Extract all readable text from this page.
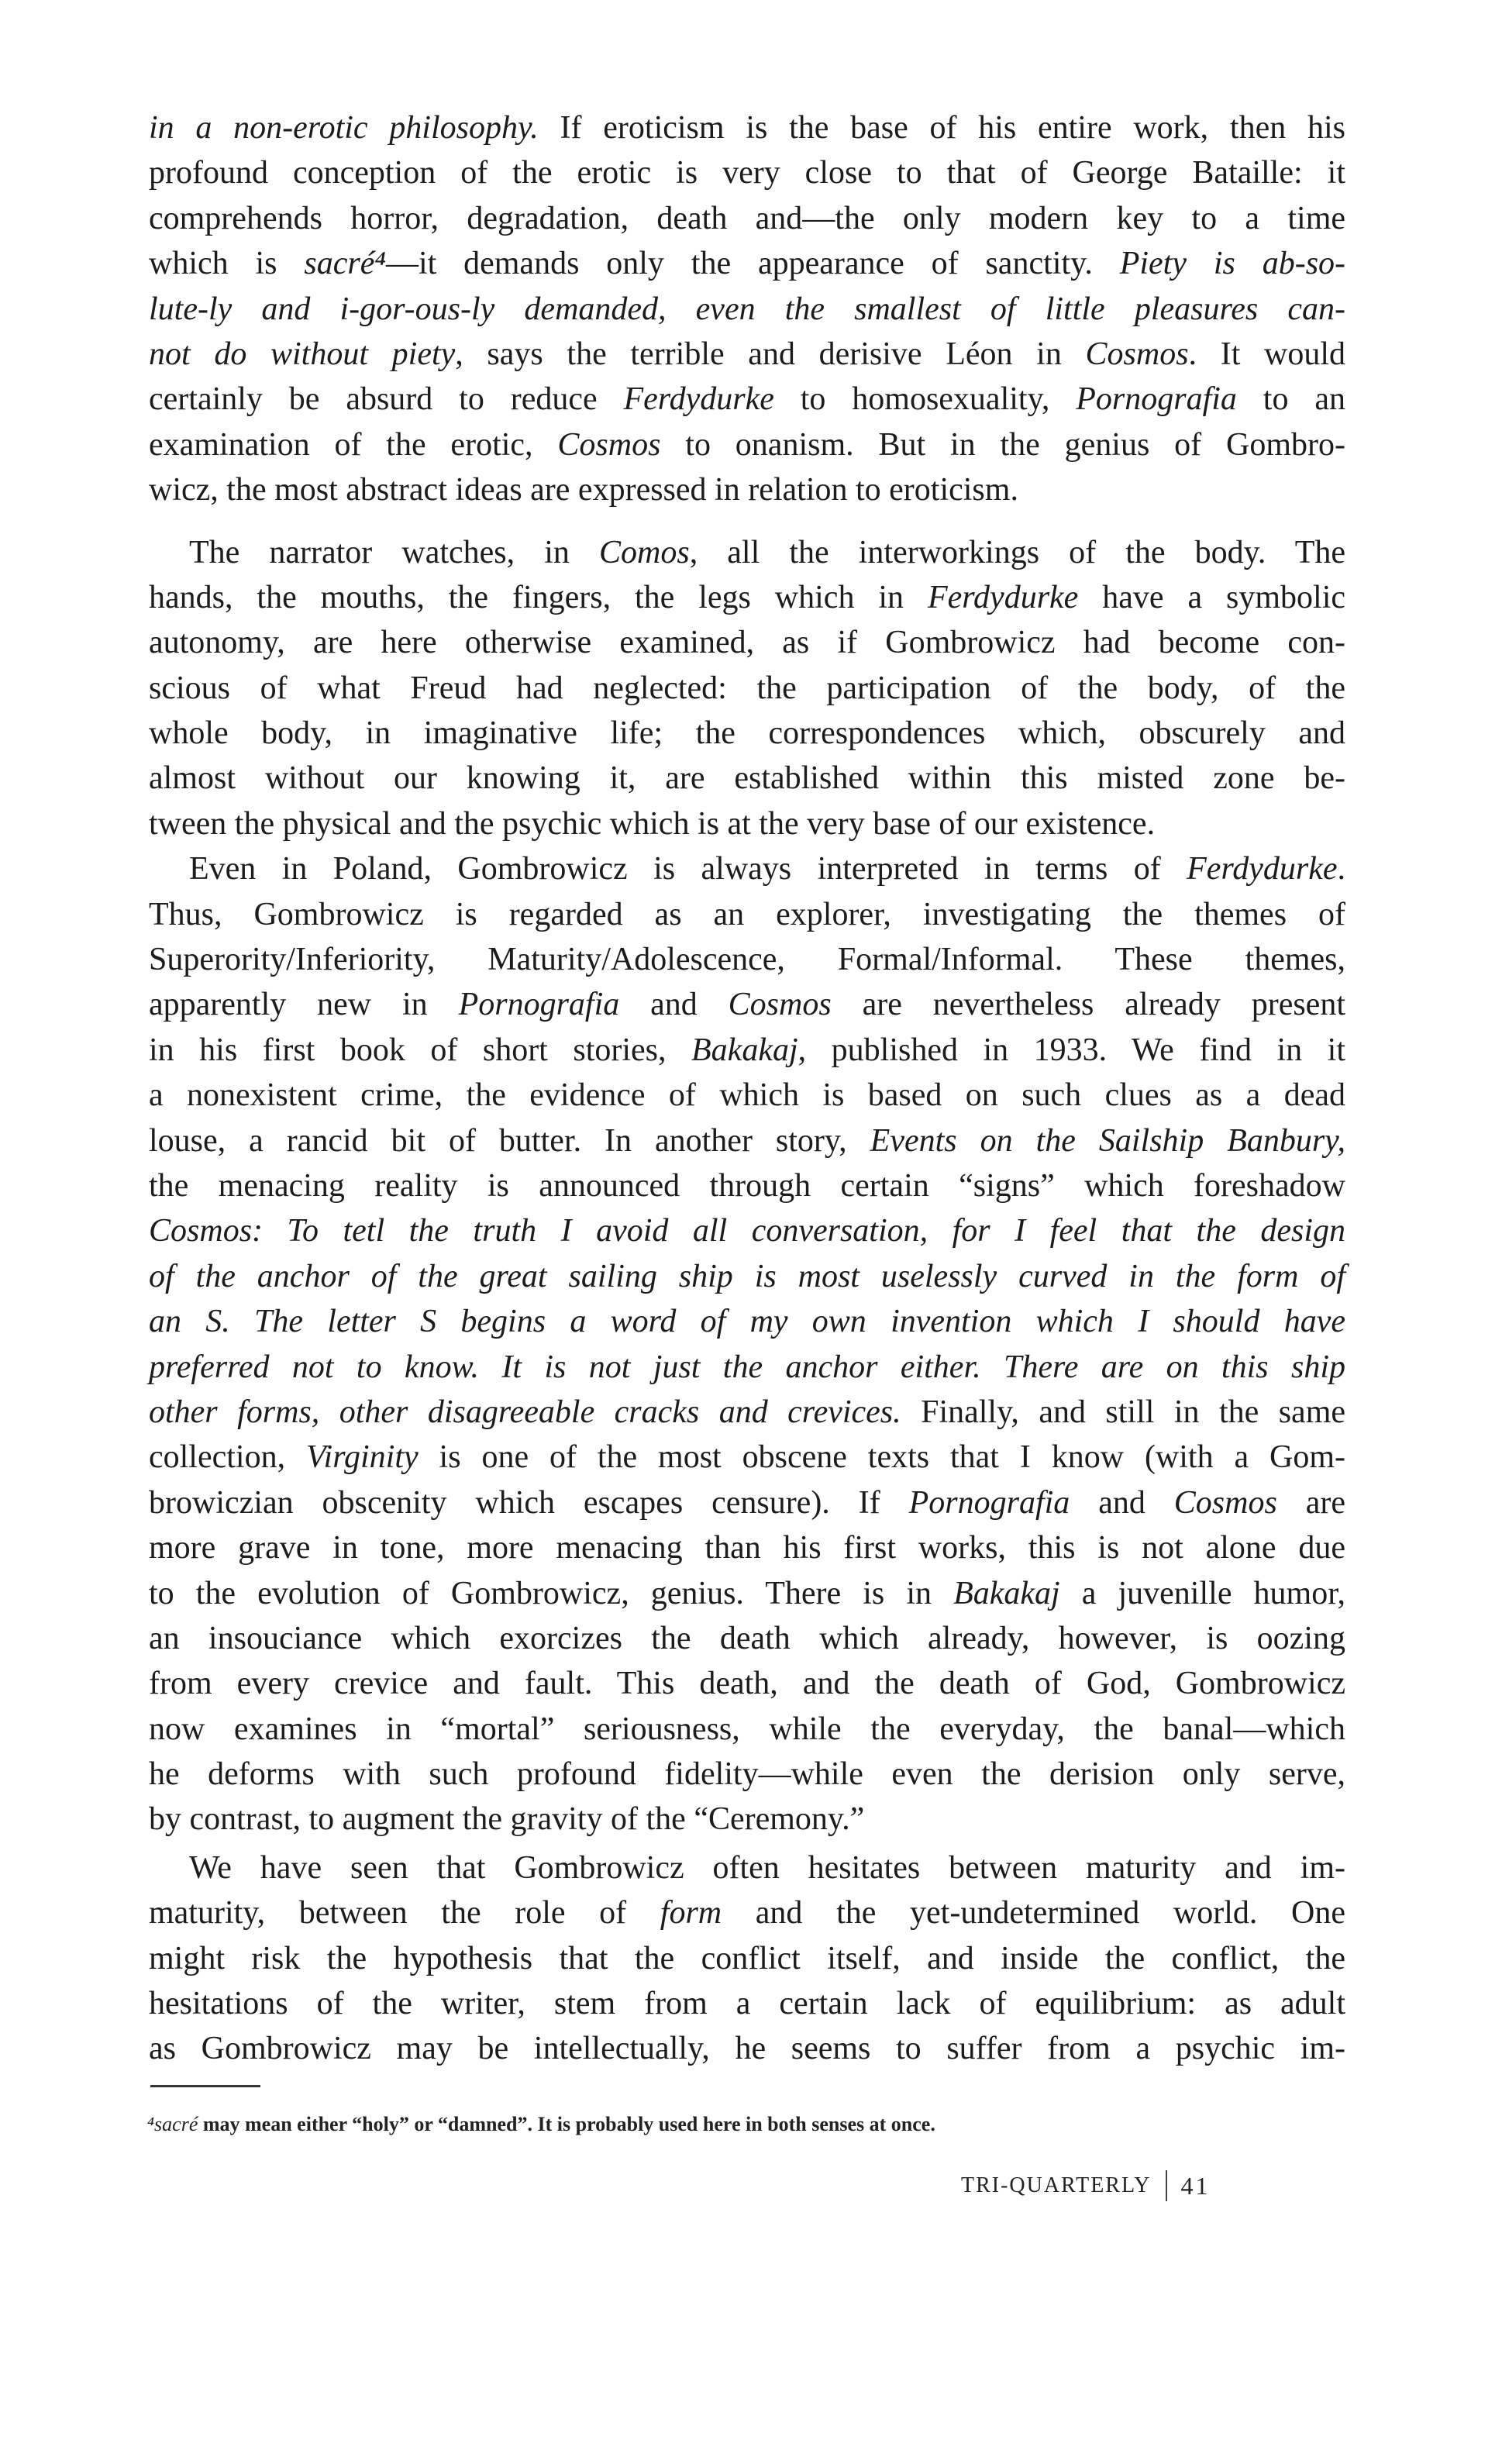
in a non-erotic philosophy. If eroticism is the base of his entire work, then his
profound conception of the erotic is very close to that of George Bataille: it
comprehends horror, degradation, death and—the only modern key to a time
which is sacré⁴—it demands only the appearance of sanctity. Piety is ab-so-
lute-ly and i-gor-ous-ly demanded, even the smallest of little pleasures can-
not do without piety, says the terrible and derisive Léon in Cosmos. It would
certainly be absurd to reduce Ferdydurke to homosexuality, Pornografia to an
examination of the erotic, Cosmos to onanism. But in the genius of Gombro-
wicz, the most abstract ideas are expressed in relation to eroticism.
The narrator watches, in Comos, all the interworkings of the body. The
hands, the mouths, the fingers, the legs which in Ferdydurke have a symbolic
autonomy, are here otherwise examined, as if Gombrowicz had become con-
scious of what Freud had neglected: the participation of the body, of the
whole body, in imaginative life; the correspondences which, obscurely and
almost without our knowing it, are established within this misted zone be-
tween the physical and the psychic which is at the very base of our existence.
Even in Poland, Gombrowicz is always interpreted in terms of Ferdydurke.
Thus, Gombrowicz is regarded as an explorer, investigating the themes of
Superority/Inferiority, Maturity/Adolescence, Formal/Informal. These themes,
apparently new in Pornografia and Cosmos are nevertheless already present
in his first book of short stories, Bakakaj, published in 1933. We find in it
a nonexistent crime, the evidence of which is based on such clues as a dead
louse, a rancid bit of butter. In another story, Events on the Sailship Banbury,
the menacing reality is announced through certain “signs” which foreshadow
Cosmos: To tetl the truth I avoid all conversation, for I feel that the design
of the anchor of the great sailing ship is most uselessly curved in the form of
an S. The letter S begins a word of my own invention which I should have
preferred not to know. It is not just the anchor either. There are on this ship
other forms, other disagreeable cracks and crevices. Finally, and still in the same
collection, Virginity is one of the most obscene texts that I know (with a Gom-
browiczian obscenity which escapes censure). If Pornografia and Cosmos are
more grave in tone, more menacing than his first works, this is not alone due
to the evolution of Gombrowicz, genius. There is in Bakakaj a juvenille humor,
an insouciance which exorcizes the death which already, however, is oozing
from every crevice and fault. This death, and the death of God, Gombrowicz
now examines in “mortal” seriousness, while the everyday, the banal—which
he deforms with such profound fidelity—while even the derision only serve,
by contrast, to augment the gravity of the “Ceremony.”
We have seen that Gombrowicz often hesitates between maturity and im-
maturity, between the role of form and the yet-undetermined world. One
might risk the hypothesis that the conflict itself, and inside the conflict, the
hesitations of the writer, stem from a certain lack of equilibrium: as adult
as Gombrowicz may be intellectually, he seems to suffer from a psychic im-
⁴sacré may mean either “holy” or “damned”. It is probably used here in both senses at once.
TRI-QUARTERLY 41
